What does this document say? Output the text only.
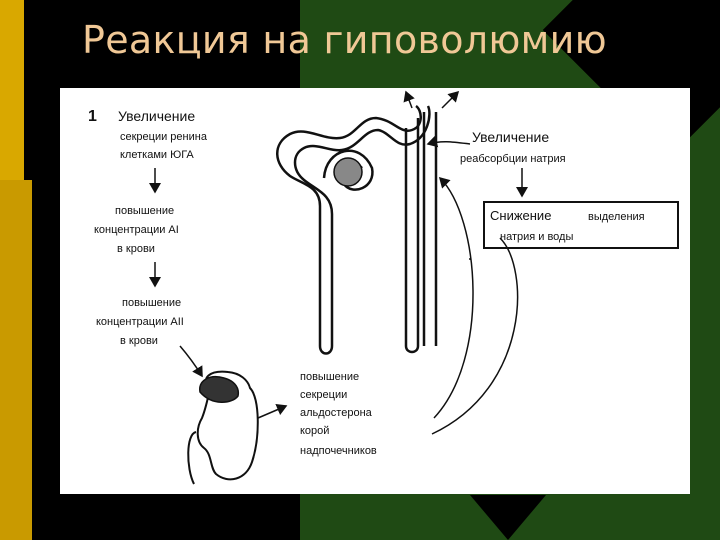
Реакция на гиповолюмию
1 Увеличение
секреции ренина
клетками ЮГА
повышение
концентрации AI
в крови
повышение
концентрации AII
в крови
повышение
секреции
альдостерона
корой
надпочечников
Увеличение
реабсорбции натрия
Снижение	выделения
натрия и воды
